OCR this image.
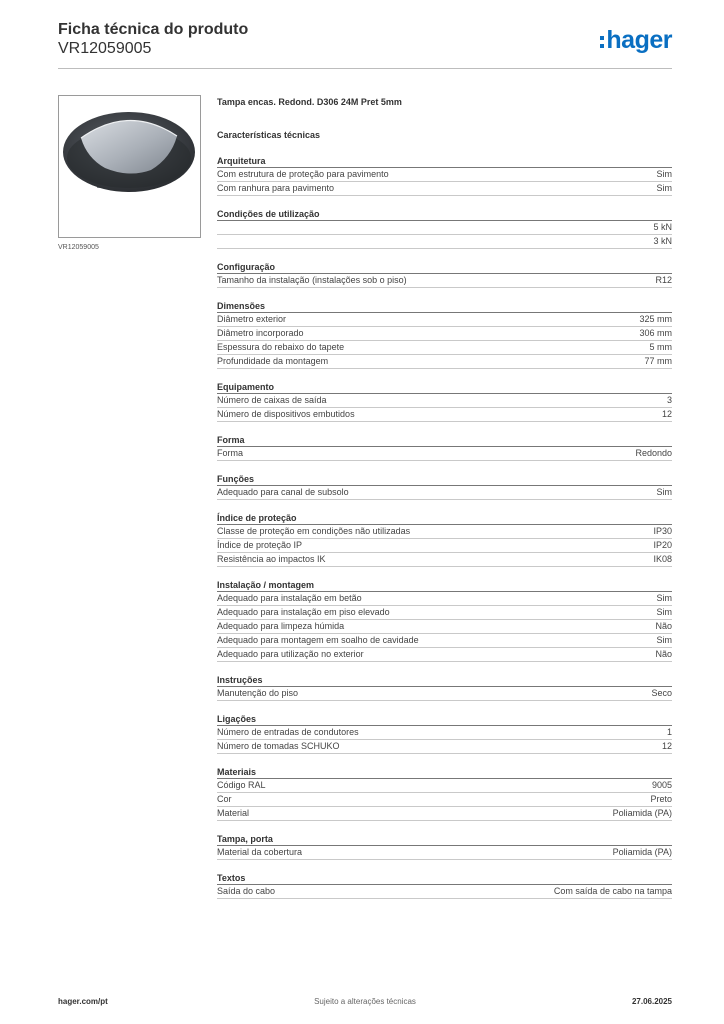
Ficha técnica do produto
VR12059005	hager
VR12059005
Tampa encas. Redond. D306 24M Pret 5mm
Características técnicas
Arquitetura
Com estrutura de proteção para pavimento	Sim
Com ranhura para pavimento	Sim
Condições de utilização
5 kN
3 kN
Configuração
Tamanho da instalação (instalações sob o piso)	R12
Dimensões
Diâmetro exterior	325 mm
Diâmetro incorporado	306 mm
Espessura do rebaixo do tapete	5 mm
Profundidade da montagem	77 mm
Equipamento
Número de caixas de saída	3
Número de dispositivos embutidos	12
Forma
Forma	Redondo
Funções
Adequado para canal de subsolo	Sim
Índice de proteção
Classe de proteção em condições não utilizadas	IP30
Índice de proteção IP	IP20
Resistência ao impactos IK	IK08
Instalação / montagem
Adequado para instalação em betão	Sim
Adequado para instalação em piso elevado	Sim
Adequado para limpeza húmida	Não
Adequado para montagem em soalho de cavidade	Sim
Adequado para utilização no exterior	Não
Instruções
Manutenção do piso	Seco
Ligações
Número de entradas de condutores	1
Número de tomadas SCHUKO	12
Materiais
Código RAL	9005
Cor	Preto
Material	Poliamida (PA)
Tampa, porta
Material da cobertura	Poliamida (PA)
Textos
Saída do cabo	Com saída de cabo na tampa
hager.com/pt	Sujeito a alterações técnicas	27.06.2025
